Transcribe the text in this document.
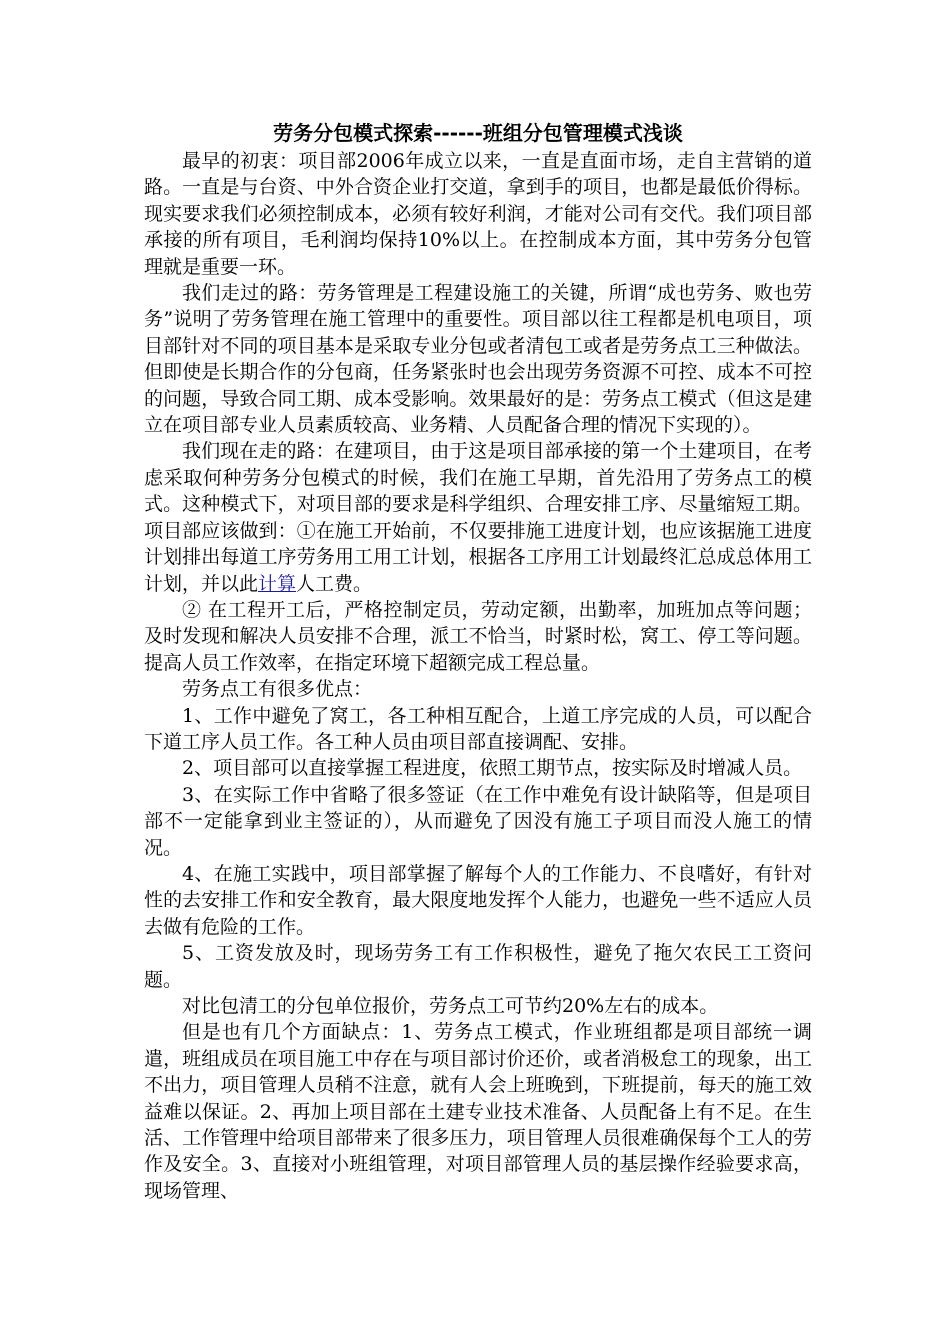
劳务分包模式探索------班组分包管理模式浅谈

最早的初衷：项目部2006年成立以来，一直是直面市场，走自主营销的道路。一直是与台资、中外合资企业打交道，拿到手的项目，也都是最低价得标。现实要求我们必须控制成本，必须有较好利润，才能对公司有交代。我们项目部承接的所有项目，毛利润均保持10%以上。在控制成本方面，其中劳务分包管理就是重要一环。

我们走过的路：劳务管理是工程建设施工的关键，所谓“成也劳务、败也劳务”说明了劳务管理在施工管理中的重要性。项目部以往工程都是机电项目，项目部针对不同的项目基本是采取专业分包或者清包工或者是劳务点工三种做法。但即使是长期合作的分包商，任务紧张时也会出现劳务资源不可控、成本不可控的问题，导致合同工期、成本受影响。效果最好的是：劳务点工模式（但这是建立在项目部专业人员素质较高、业务精、人员配备合理的情况下实现的）。

我们现在走的路：在建项目，由于这是项目部承接的第一个土建项目，在考虑采取何种劳务分包模式的时候，我们在施工早期，首先沿用了劳务点工的模式。这种模式下，对项目部的要求是科学组织、合理安排工序、尽量缩短工期。项目部应该做到：①在施工开始前，不仅要排施工进度计划，也应该据施工进度计划排出每道工序劳务用工用工计划，根据各工序用工计划最终汇总成总体用工计划，并以此计算人工费。

② 在工程开工后，严格控制定员，劳动定额，出勤率，加班加点等问题；及时发现和解决人员安排不合理，派工不恰当，时紧时松，窝工、停工等问题。提高人员工作效率，在指定环境下超额完成工程总量。

劳务点工有很多优点：

1、工作中避免了窝工，各工种相互配合，上道工序完成的人员，可以配合下道工序人员工作。各工种人员由项目部直接调配、安排。

2、项目部可以直接掌握工程进度，依照工期节点，按实际及时增减人员。

3、在实际工作中省略了很多签证（在工作中难免有设计缺陷等，但是项目部不一定能拿到业主签证的），从而避免了因没有施工子项目而没人施工的情况。

4、在施工实践中，项目部掌握了解每个人的工作能力、不良嗜好，有针对性的去安排工作和安全教育，最大限度地发挥个人能力，也避免一些不适应人员去做有危险的工作。

5、工资发放及时，现场劳务工有工作积极性，避免了拖欠农民工工资问题。

对比包清工的分包单位报价，劳务点工可节约20%左右的成本。

但是也有几个方面缺点：1、劳务点工模式，作业班组都是项目部统一调遣，班组成员在项目施工中存在与项目部讨价还价，或者消极怠工的现象，出工不出力，项目管理人员稍不注意，就有人会上班晚到，下班提前，每天的施工效益难以保证。2、再加上项目部在土建专业技术准备、人员配备上有不足。在生活、工作管理中给项目部带来了很多压力，项目管理人员很难确保每个工人的劳作及安全。3、直接对小班组管理，对项目部管理人员的基层操作经验要求高，现场管理、
